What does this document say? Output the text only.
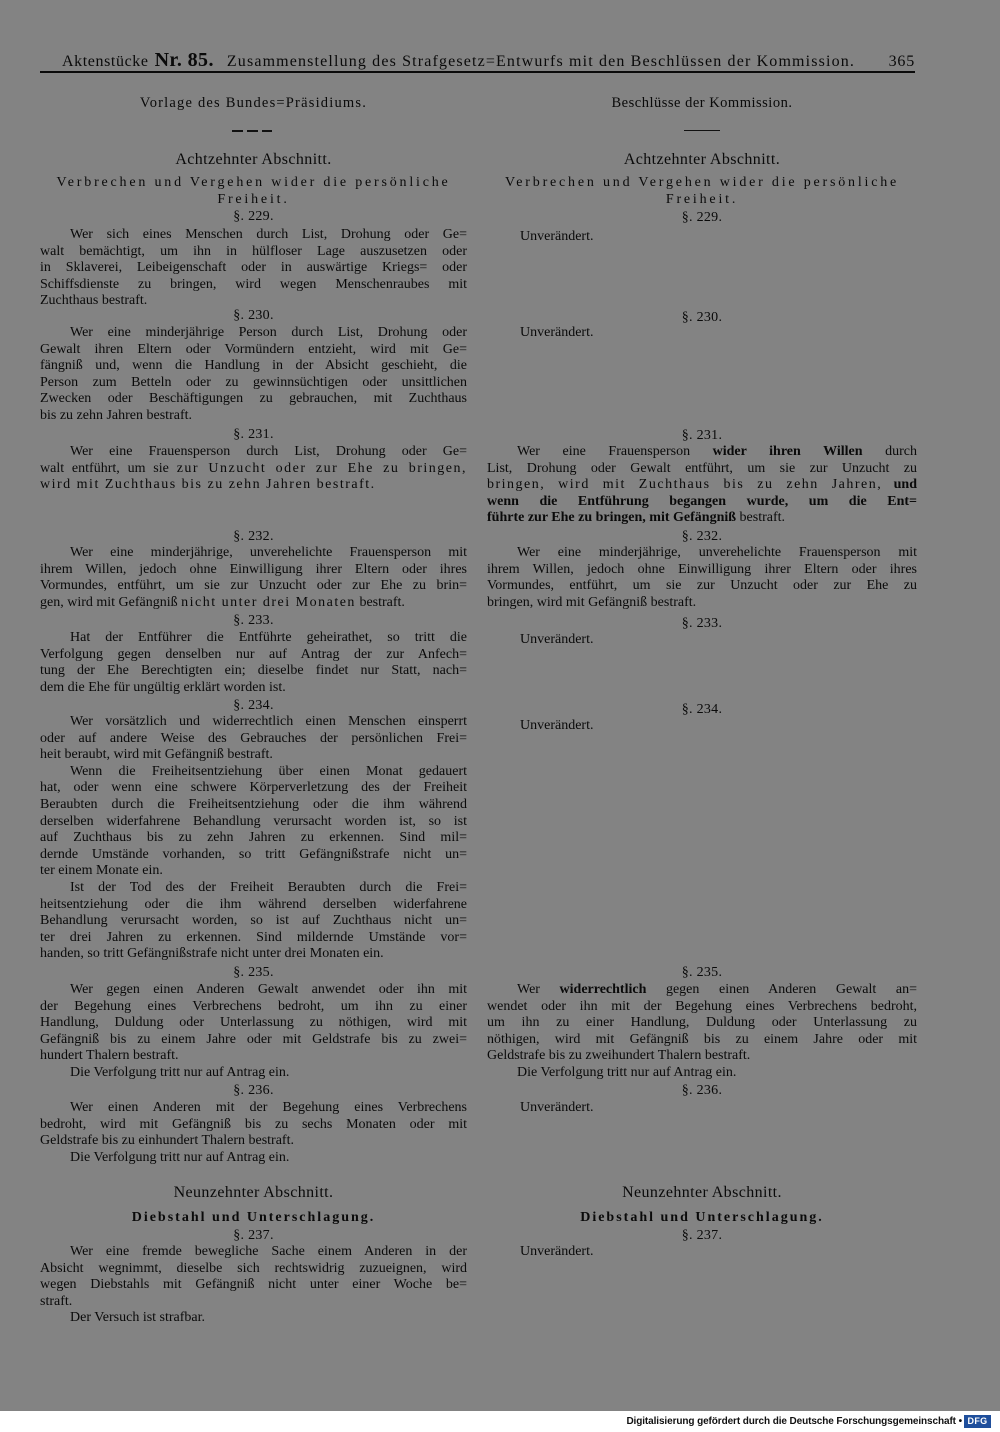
Aktenstücke Nr. 85. Zusammenstellung des Strafgesetz=Entwurfs mit den Beschlüssen der Kommission. 365
Vorlage des Bundes=Präsidiums.
Achtzehnter Abschnitt.
Verbrechen und Vergehen wider die persönliche
Freiheit.
§. 229.
Wer sich eines Menschen durch List, Drohung oder Ge=
walt bemächtigt, um ihn in hülfloser Lage auszusetzen oder
in Sklaverei, Leibeigenschaft oder in auswärtige Kriegs= oder
Schiffsdienste zu bringen, wird wegen Menschenraubes mit
Zuchthaus bestraft.
§. 230.
Wer eine minderjährige Person durch List, Drohung oder
Gewalt ihren Eltern oder Vormündern entzieht, wird mit Ge=
fängniß und, wenn die Handlung in der Absicht geschieht, die
Person zum Betteln oder zu gewinnsüchtigen oder unsittlichen
Zwecken oder Beschäftigungen zu gebrauchen, mit Zuchthaus
bis zu zehn Jahren bestraft.
§. 231.
Wer eine Frauensperson durch List, Drohung oder Ge=
walt entführt, um sie zur Unzucht oder zur Ehe zu bringen,
wird mit Zuchthaus bis zu zehn Jahren bestraft.
§. 232.
Wer eine minderjährige, unverehelichte Frauensperson mit
ihrem Willen, jedoch ohne Einwilligung ihrer Eltern oder ihres
Vormundes, entführt, um sie zur Unzucht oder zur Ehe zu brin=
gen, wird mit Gefängniß nicht unter drei Monaten bestraft.
§. 233.
Hat der Entführer die Entführte geheirathet, so tritt die
Verfolgung gegen denselben nur auf Antrag der zur Anfech=
tung der Ehe Berechtigten ein; dieselbe findet nur Statt, nach=
dem die Ehe für ungültig erklärt worden ist.
§. 234.
Wer vorsätzlich und widerrechtlich einen Menschen einsperrt
oder auf andere Weise des Gebrauches der persönlichen Frei=
heit beraubt, wird mit Gefängniß bestraft.
Wenn die Freiheitsentziehung über einen Monat gedauert
hat, oder wenn eine schwere Körperverletzung des der Freiheit
Beraubten durch die Freiheitsentziehung oder die ihm während
derselben widerfahrene Behandlung verursacht worden ist, so ist
auf Zuchthaus bis zu zehn Jahren zu erkennen. Sind mil=
dernde Umstände vorhanden, so tritt Gefängnißstrafe nicht un=
ter einem Monate ein.
Ist der Tod des der Freiheit Beraubten durch die Frei=
heitsentziehung oder die ihm während derselben widerfahrene
Behandlung verursacht worden, so ist auf Zuchthaus nicht un=
ter drei Jahren zu erkennen. Sind mildernde Umstände vor=
handen, so tritt Gefängnißstrafe nicht unter drei Monaten ein.
§. 235.
Wer gegen einen Anderen Gewalt anwendet oder ihn mit
der Begehung eines Verbrechens bedroht, um ihn zu einer
Handlung, Duldung oder Unterlassung zu nöthigen, wird mit
Gefängniß bis zu einem Jahre oder mit Geldstrafe bis zu zwei=
hundert Thalern bestraft.
Die Verfolgung tritt nur auf Antrag ein.
§. 236.
Wer einen Anderen mit der Begehung eines Verbrechens
bedroht, wird mit Gefängniß bis zu sechs Monaten oder mit
Geldstrafe bis zu einhundert Thalern bestraft.
Die Verfolgung tritt nur auf Antrag ein.
Neunzehnter Abschnitt.
Diebstahl und Unterschlagung.
§. 237.
Wer eine fremde bewegliche Sache einem Anderen in der
Absicht wegnimmt, dieselbe sich rechtswidrig zuzueignen, wird
wegen Diebstahls mit Gefängniß nicht unter einer Woche be=
straft.
Der Versuch ist strafbar.
Beschlüsse der Kommission.
Achtzehnter Abschnitt.
Verbrechen und Vergehen wider die persönliche
Freiheit.
§. 229.
Unverändert.
§. 230.
Unverändert.
§. 231.
Wer eine Frauensperson wider ihren Willen durch
List, Drohung oder Gewalt entführt, um sie zur Unzucht zu
bringen, wird mit Zuchthaus bis zu zehn Jahren, und
wenn die Entführung begangen wurde, um die Ent=
führte zur Ehe zu bringen, mit Gefängniß bestraft.
§. 232.
Wer eine minderjährige, unverehelichte Frauensperson mit
ihrem Willen, jedoch ohne Einwilligung ihrer Eltern oder ihres
Vormundes, entführt, um sie zur Unzucht oder zur Ehe zu
bringen, wird mit Gefängniß bestraft.
§. 233.
Unverändert.
§. 234.
Unverändert.
§. 235.
Wer widerrechtlich gegen einen Anderen Gewalt an=
wendet oder ihn mit der Begehung eines Verbrechens bedroht,
um ihn zu einer Handlung, Duldung oder Unterlassung zu
nöthigen, wird mit Gefängniß bis zu einem Jahre oder mit
Geldstrafe bis zu zweihundert Thalern bestraft.
Die Verfolgung tritt nur auf Antrag ein.
§. 236.
Unverändert.
Neunzehnter Abschnitt.
Diebstahl und Unterschlagung.
§. 237.
Unverändert.
Digitalisierung gefördert durch die Deutsche Forschungsgemeinschaft • DFG
